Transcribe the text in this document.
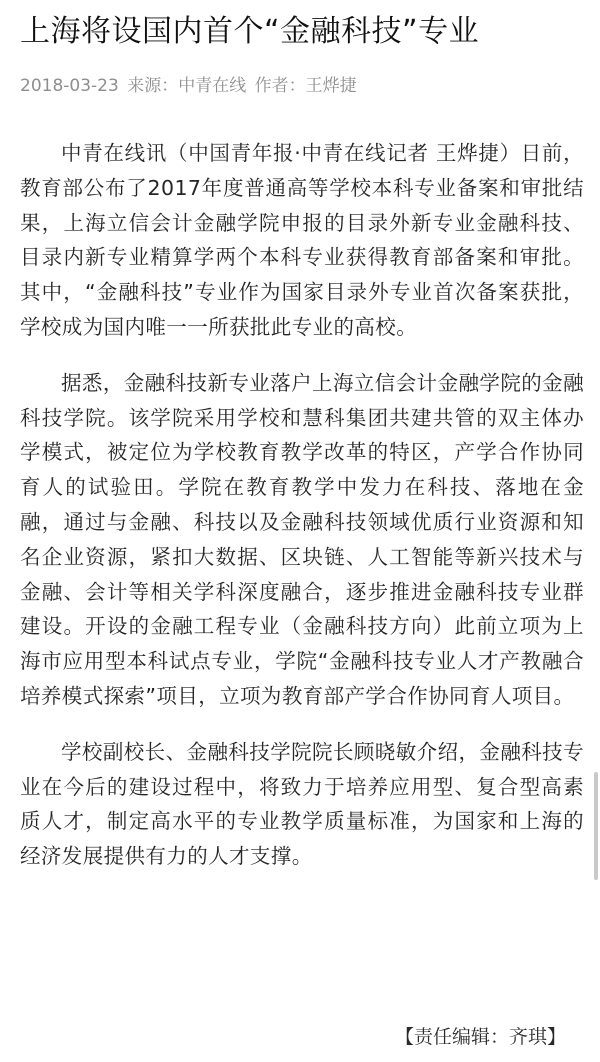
上海将设国内首个“金融科技”专业
2018-03-23 来源：中青在线 作者：王烨捷

中青在线讯（中国青年报·中青在线记者 王烨捷）日前，教育部公布了2017年度普通高等学校本科专业备案和审批结果，上海立信会计金融学院申报的目录外新专业金融科技、目录内新专业精算学两个本科专业获得教育部备案和审批。其中，“金融科技”专业作为国家目录外专业首次备案获批，学校成为国内唯一一所获批此专业的高校。

据悉，金融科技新专业落户上海立信会计金融学院的金融科技学院。该学院采用学校和慧科集团共建共管的双主体办学模式，被定位为学校教育教学改革的特区，产学合作协同育人的试验田。学院在教育教学中发力在科技、落地在金融，通过与金融、科技以及金融科技领域优质行业资源和知名企业资源，紧扣大数据、区块链、人工智能等新兴技术与金融、会计等相关学科深度融合，逐步推进金融科技专业群建设。开设的金融工程专业（金融科技方向）此前立项为上海市应用型本科试点专业，学院“金融科技专业人才产教融合培养模式探索”项目，立项为教育部产学合作协同育人项目。

学校副校长、金融科技学院院长顾晓敏介绍，金融科技专业在今后的建设过程中，将致力于培养应用型、复合型高素质人才，制定高水平的专业教学质量标准，为国家和上海的经济发展提供有力的人才支撑。

【责任编辑：齐琪】
